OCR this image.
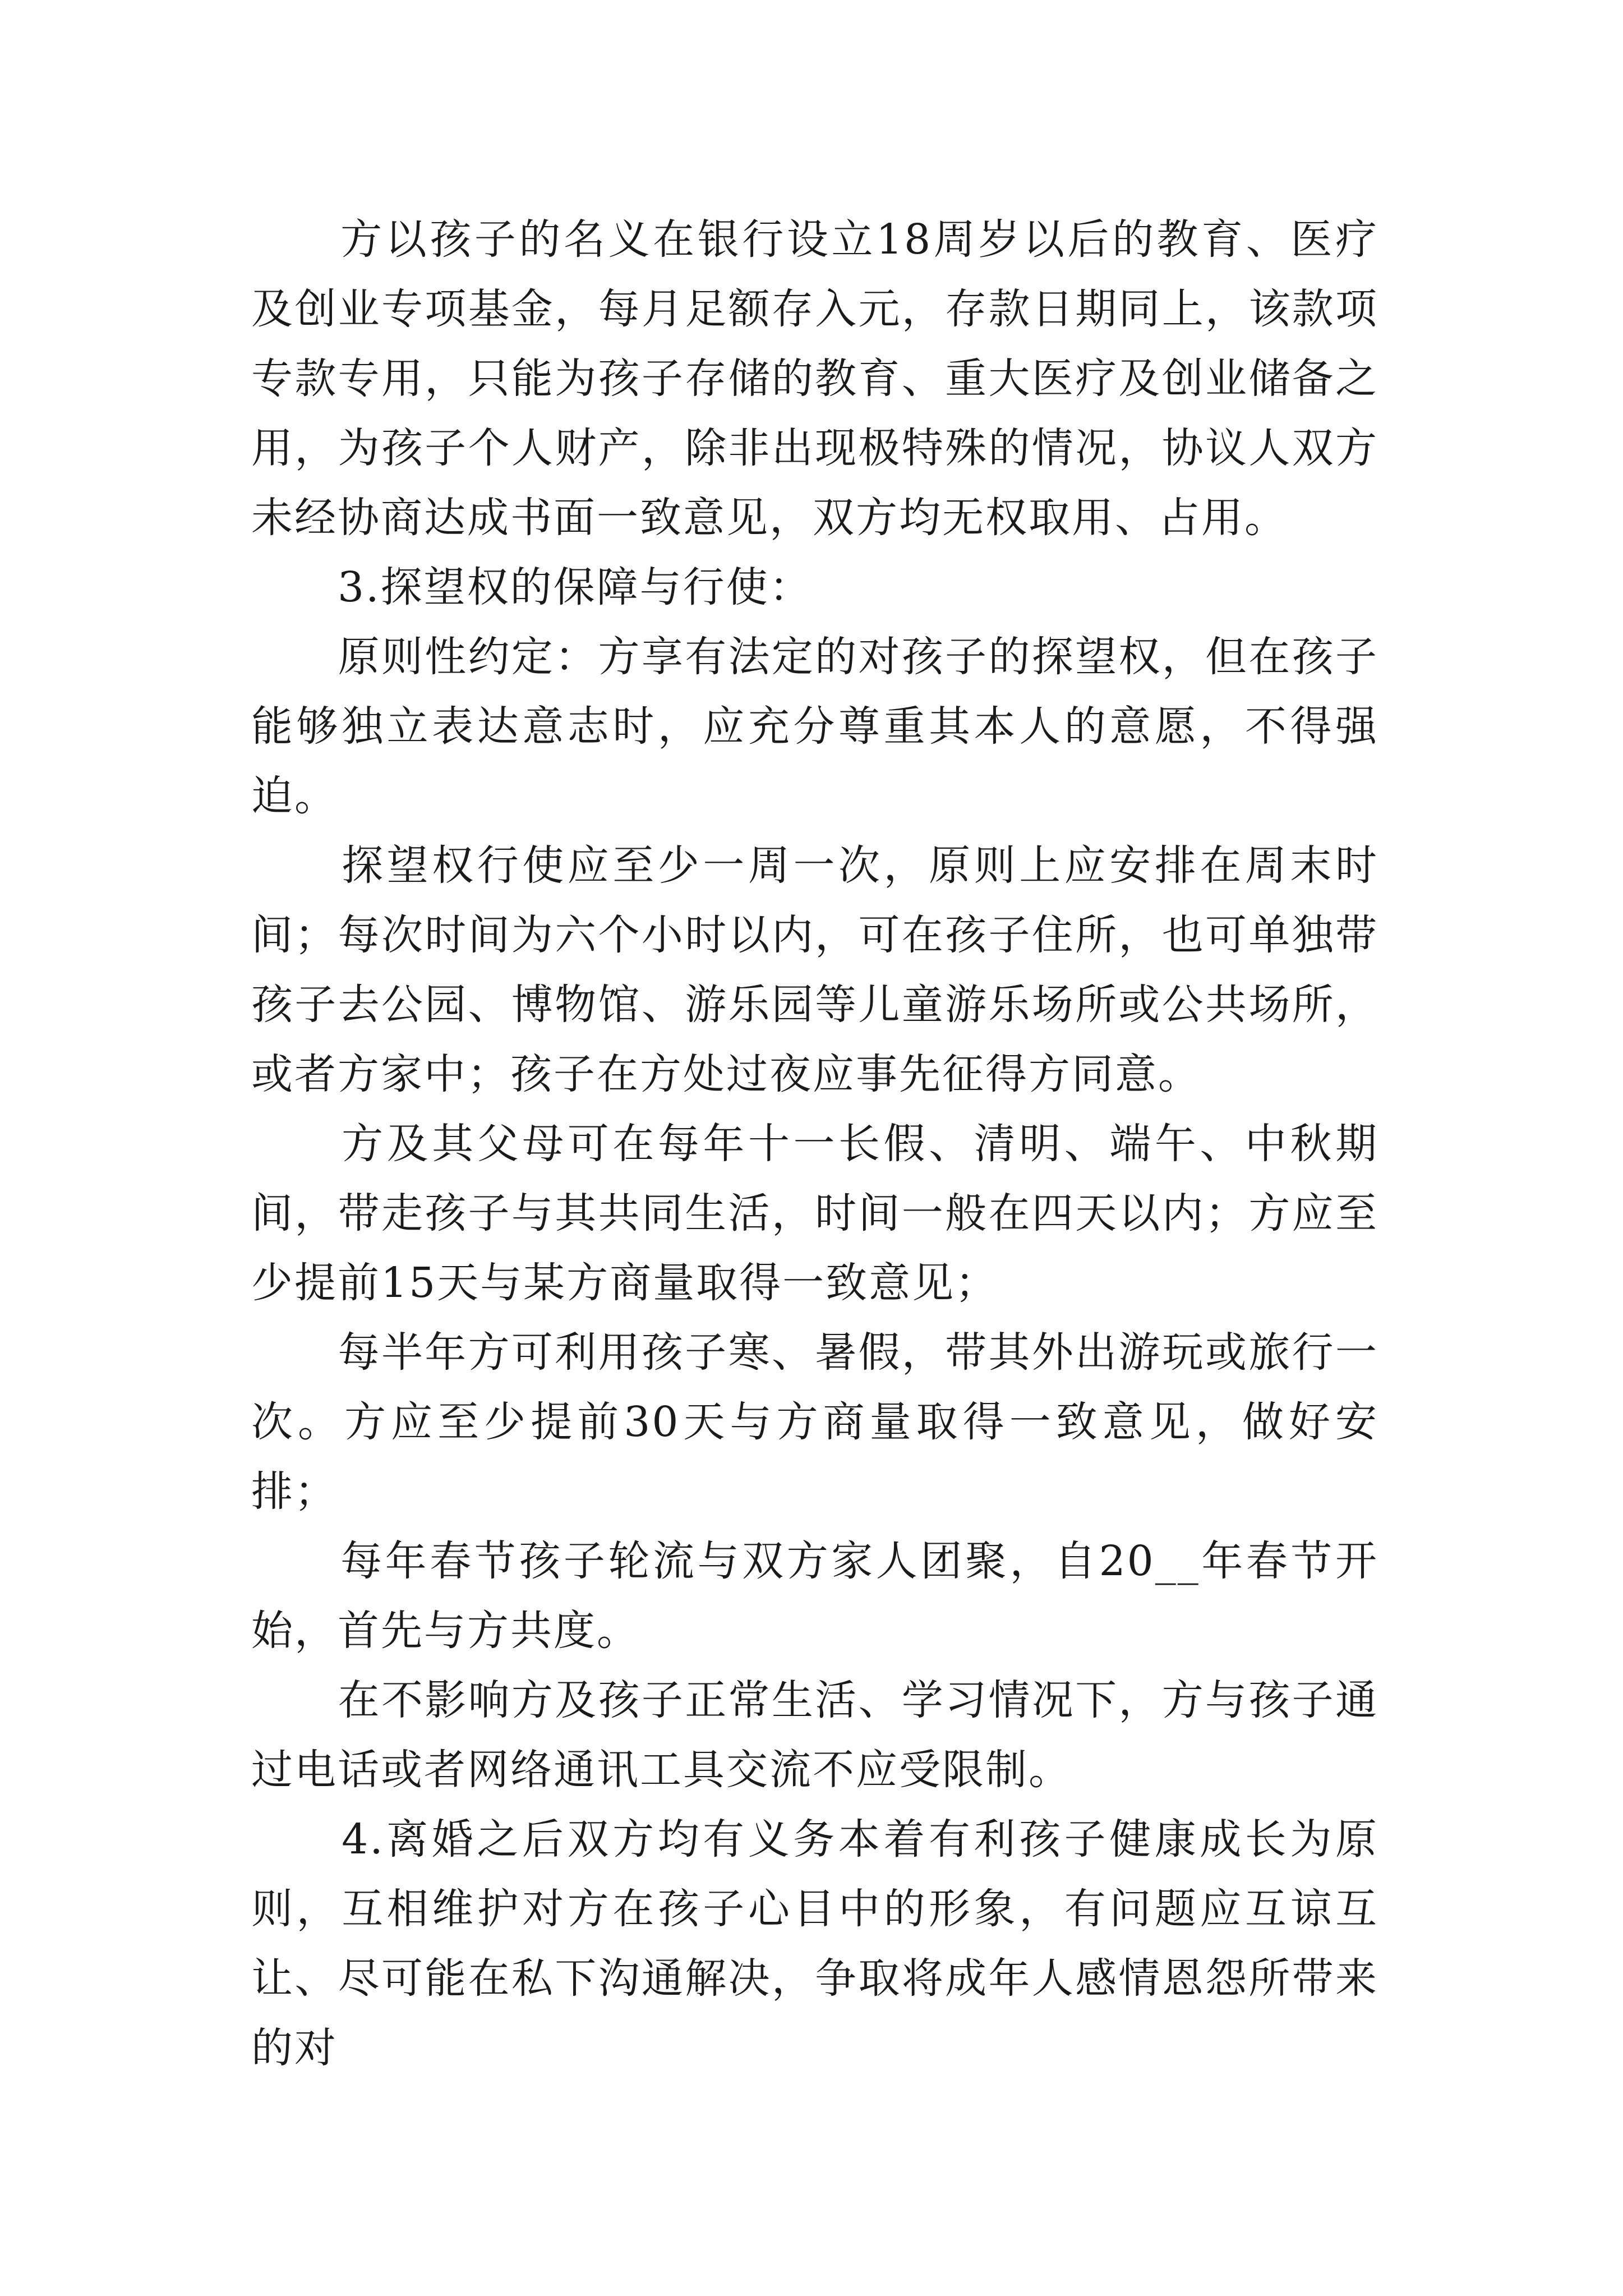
　　方以孩子的名义在银行设立18周岁以后的教育、医疗及创业专项基金，每月足额存入元，存款日期同上，该款项专款专用，只能为孩子存储的教育、重大医疗及创业储备之用，为孩子个人财产，除非出现极特殊的情况，协议人双方未经协商达成书面一致意见，双方均无权取用、占用。

　　3.探望权的保障与行使：

　　原则性约定：方享有法定的对孩子的探望权，但在孩子能够独立表达意志时，应充分尊重其本人的意愿，不得强迫。

　　探望权行使应至少一周一次，原则上应安排在周末时间；每次时间为六个小时以内，可在孩子住所，也可单独带孩子去公园、博物馆、游乐园等儿童游乐场所或公共场所，或者方家中；孩子在方处过夜应事先征得方同意。

　　方及其父母可在每年十一长假、清明、端午、中秋期间，带走孩子与其共同生活，时间一般在四天以内；方应至少提前15天与某方商量取得一致意见；

　　每半年方可利用孩子寒、暑假，带其外出游玩或旅行一次。方应至少提前30天与方商量取得一致意见，做好安排；

　　每年春节孩子轮流与双方家人团聚，自20__年春节开始，首先与方共度。

　　在不影响方及孩子正常生活、学习情况下，方与孩子通过电话或者网络通讯工具交流不应受限制。

　　4.离婚之后双方均有义务本着有利孩子健康成长为原则，互相维护对方在孩子心目中的形象，有问题应互谅互让、尽可能在私下沟通解决，争取将成年人感情恩怨所带来的对
